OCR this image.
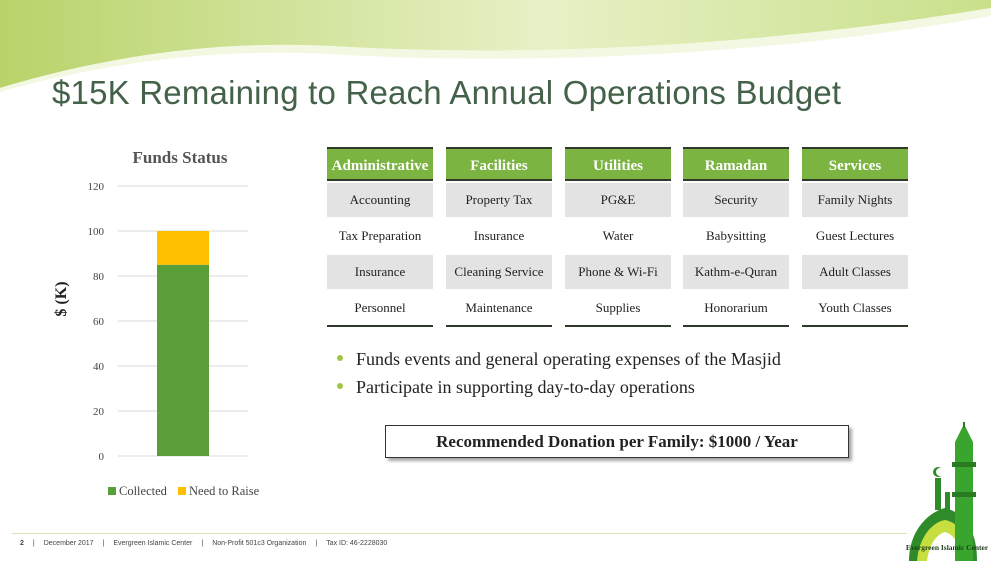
$15K Remaining to Reach Annual Operations Budget
0
20
40
60
80
100
120
Funds Status
$ (K)
Collected Need to Raise
Administrative
Accounting
Tax Preparation
Insurance
Personnel
Facilities
Property Tax
Insurance
Cleaning Service
Maintenance
Utilities
PG&E
Water
Phone & Wi-Fi
Supplies
Ramadan
Security
Babysitting
Kathm-e-Quran
Honorarium
Services
Family Nights
Guest Lectures
Adult Classes
Youth Classes
Funds events and general operating expenses of the Masjid
Participate in supporting day-to-day operations
Recommended Donation per Family: $1000 / Year
2 | December 2017 | Evergreen Islamic Center | Non-Profit 501c3 Organization | Tax ID: 46-2228030	Evergreen Islamic Center
